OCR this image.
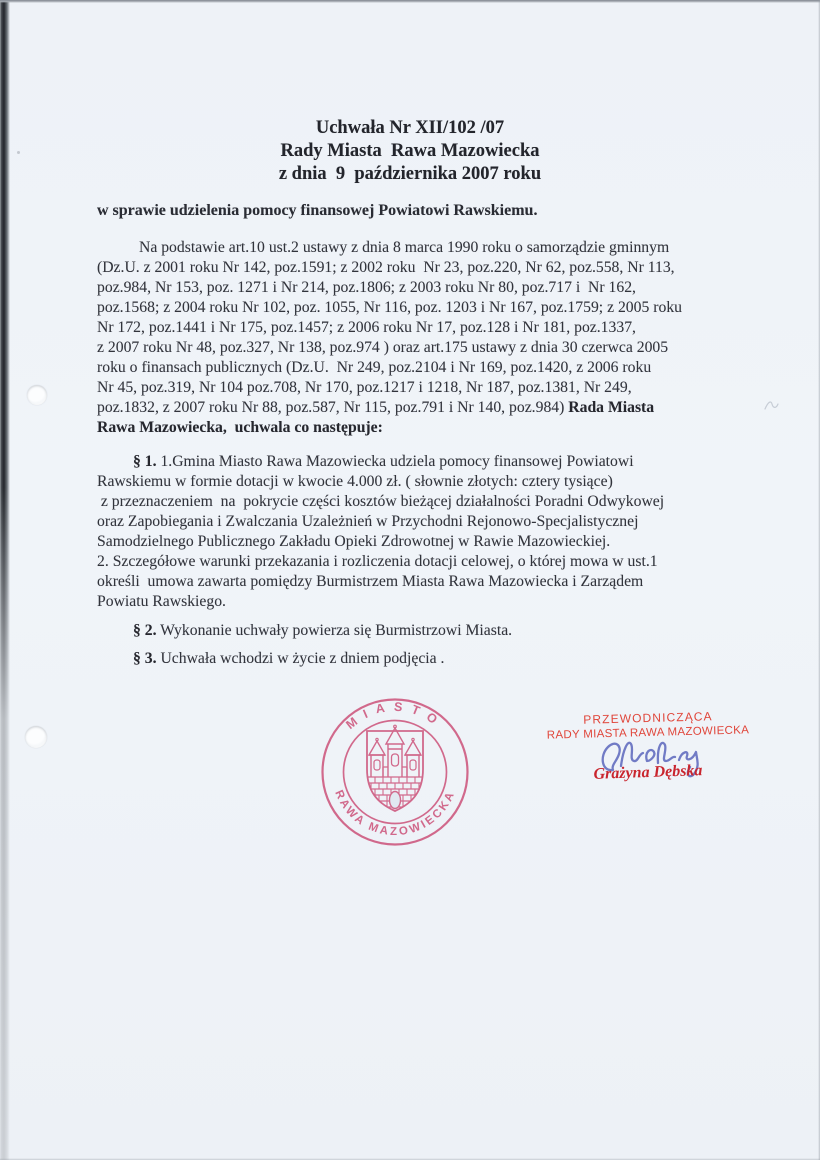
Uchwała Nr XII/102 /07
Rady Miasta  Rawa Mazowiecka
z dnia  9  października 2007 roku
w sprawie udzielenia pomocy finansowej Powiatowi Rawskiemu.
Na podstawie art.10 ust.2 ustawy z dnia 8 marca 1990 roku o samorządzie gminnym
(Dz.U. z 2001 roku Nr 142, poz.1591; z 2002 roku  Nr 23, poz.220, Nr 62, poz.558, Nr 113,
poz.984, Nr 153, poz. 1271 i Nr 214, poz.1806; z 2003 roku Nr 80, poz.717 i  Nr 162,
poz.1568; z 2004 roku Nr 102, poz. 1055, Nr 116, poz. 1203 i Nr 167, poz.1759; z 2005 roku
Nr 172, poz.1441 i Nr 175, poz.1457; z 2006 roku Nr 17, poz.128 i Nr 181, poz.1337,
z 2007 roku Nr 48, poz.327, Nr 138, poz.974 ) oraz art.175 ustawy z dnia 30 czerwca 2005
roku o finansach publicznych (Dz.U.  Nr 249, poz.2104 i Nr 169, poz.1420, z 2006 roku
Nr 45, poz.319, Nr 104 poz.708, Nr 170, poz.1217 i 1218, Nr 187, poz.1381, Nr 249,
poz.1832, z 2007 roku Nr 88, poz.587, Nr 115, poz.791 i Nr 140, poz.984) Rada Miasta
Rawa Mazowiecka,  uchwala co następuje:
§ 1. 1.Gmina Miasto Rawa Mazowiecka udziela pomocy finansowej Powiatowi
Rawskiemu w formie dotacji w kwocie 4.000 zł. ( słownie złotych: cztery tysiące)
z przeznaczeniem  na  pokrycie części kosztów bieżącej działalności Poradni Odwykowej
oraz Zapobiegania i Zwalczania Uzależnień w Przychodni Rejonowo-Specjalistycznej
Samodzielnego Publicznego Zakładu Opieki Zdrowotnej w Rawie Mazowieckiej.
2. Szczegółowe warunki przekazania i rozliczenia dotacji celowej, o której mowa w ust.1
określi  umowa zawarta pomiędzy Burmistrzem Miasta Rawa Mazowiecka i Zarządem
Powiatu Rawskiego.
§ 2. Wykonanie uchwały powierza się Burmistrzowi Miasta.
§ 3. Uchwała wchodzi w życie z dniem podjęcia .
MIASTO
RAWA MAZOWIECKA
PRZEWODNICZĄCA
RADY MIASTA RAWA MAZOWIECKA
Grażyna Dębska
